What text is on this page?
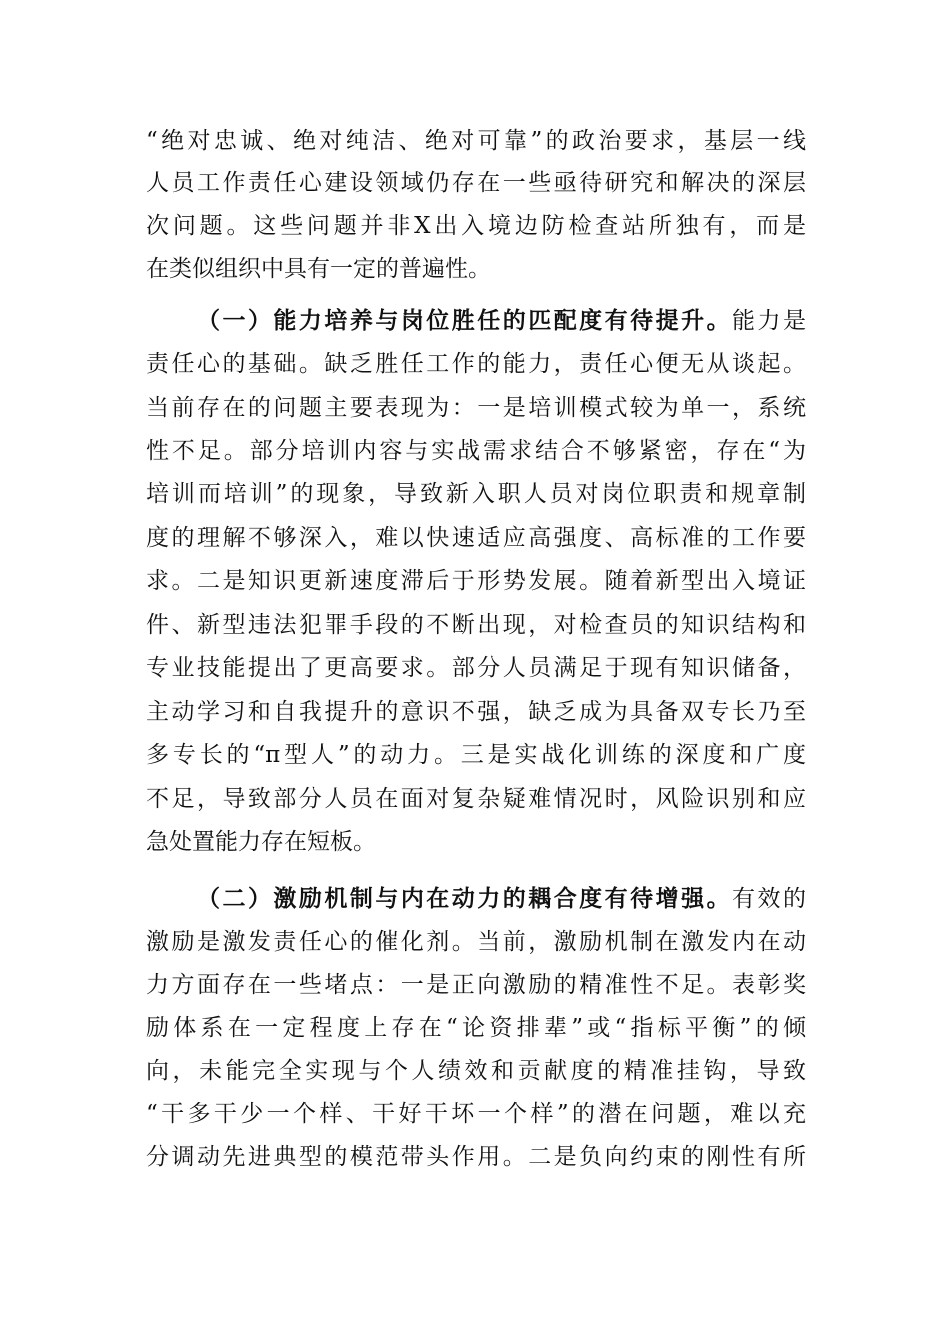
“绝对忠诚、绝对纯洁、绝对可靠”的政治要求，基层一线
人员工作责任心建设领域仍存在一些亟待研究和解决的深层
次问题。这些问题并非X出入境边防检查站所独有，而是
在类似组织中具有一定的普遍性。
（一）能力培养与岗位胜任的匹配度有待提升。能力是
责任心的基础。缺乏胜任工作的能力，责任心便无从谈起。
当前存在的问题主要表现为：一是培训模式较为单一，系统
性不足。部分培训内容与实战需求结合不够紧密，存在“为
培训而培训”的现象，导致新入职人员对岗位职责和规章制
度的理解不够深入，难以快速适应高强度、高标准的工作要
求。二是知识更新速度滞后于形势发展。随着新型出入境证
件、新型违法犯罪手段的不断出现，对检查员的知识结构和
专业技能提出了更高要求。部分人员满足于现有知识储备，
主动学习和自我提升的意识不强，缺乏成为具备双专长乃至
多专长的“π型人”的动力。三是实战化训练的深度和广度
不足，导致部分人员在面对复杂疑难情况时，风险识别和应
急处置能力存在短板。
（二）激励机制与内在动力的耦合度有待增强。有效的
激励是激发责任心的催化剂。当前，激励机制在激发内在动
力方面存在一些堵点：一是正向激励的精准性不足。表彰奖
励体系在一定程度上存在“论资排辈”或“指标平衡”的倾
向，未能完全实现与个人绩效和贡献度的精准挂钩，导致
“干多干少一个样、干好干坏一个样”的潜在问题，难以充
分调动先进典型的模范带头作用。二是负向约束的刚性有所
